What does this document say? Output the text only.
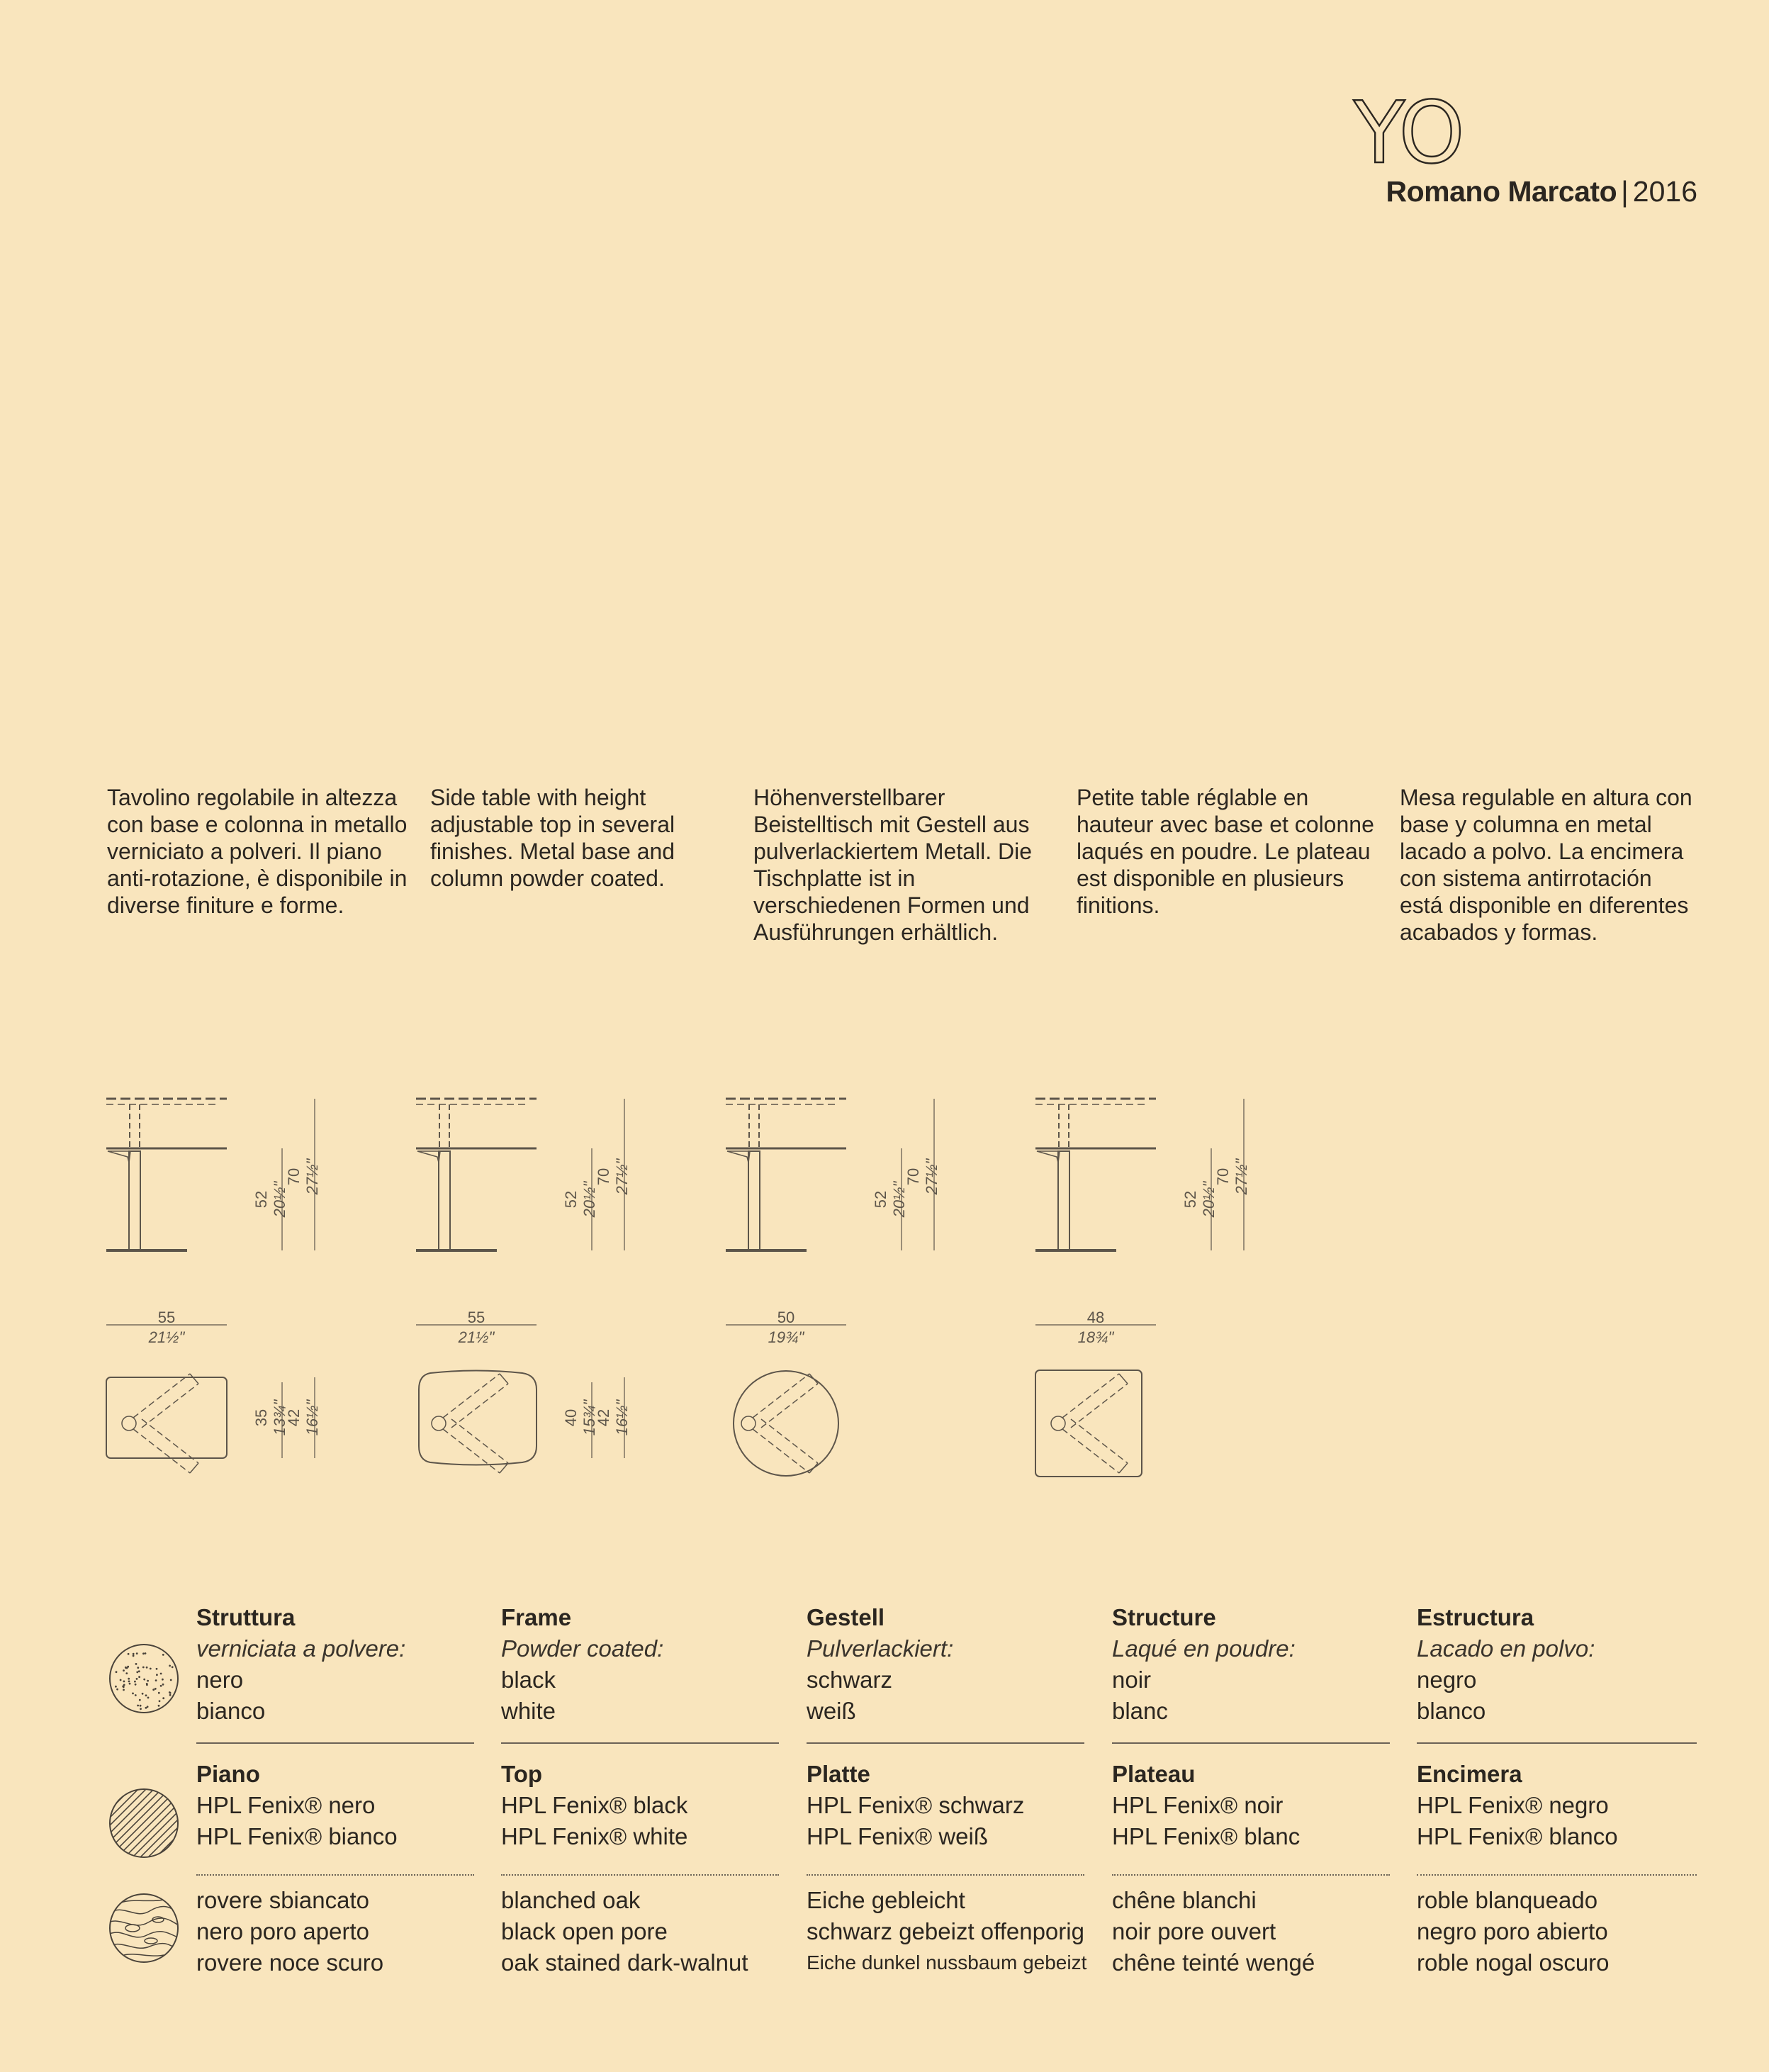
YO
Romano Marcato | 2016
Tavolino regolabile in altezza con base e colonna in metallo verniciato a polveri. Il piano anti-rotazione, è disponibile in diverse finiture e forme.
Side table with height adjustable top in several finishes. Metal base and column powder coated.
Höhenverstellbarer Beistelltisch mit Gestell aus pulverlackiertem Metall. Die Tischplatte ist in verschiedenen Formen und Ausführungen erhältlich.
Petite table réglable en hauteur avec base et colonne laqués en poudre. Le plateau est disponible en plusieurs finitions.
Mesa regulable en altura con base y columna en metal lacado a polvo. La encimera con sistema antirrotación está disponible en diferentes acabados y formas.
52 20½"
70 27½"
55
21½"
35 13¾"
42 16½"
52 20½"
70 27½"
55
21½"
40 15¾"
42 16½"
52 20½"
70 27½"
50
19¾"
52 20½"
70 27½"
48
18¾"
Struttura
verniciata a polvere:
nero
bianco
Piano
HPL Fenix® nero
HPL Fenix® bianco
rovere sbiancato
nero poro aperto
rovere noce scuro
Frame
Powder coated:
black
white
Top
HPL Fenix® black
HPL Fenix® white
blanched oak
black open pore
oak stained dark-walnut
Gestell
Pulverlackiert:
schwarz
weiß
Platte
HPL Fenix® schwarz
HPL Fenix® weiß
Eiche gebleicht
schwarz gebeizt offenporig
Eiche dunkel nussbaum gebeizt
Structure
Laqué en poudre:
noir
blanc
Plateau
HPL Fenix® noir
HPL Fenix® blanc
chêne blanchi
noir pore ouvert
chêne teinté wengé
Estructura
Lacado en polvo:
negro
blanco
Encimera
HPL Fenix® negro
HPL Fenix® blanco
roble blanqueado
negro poro abierto
roble nogal oscuro
